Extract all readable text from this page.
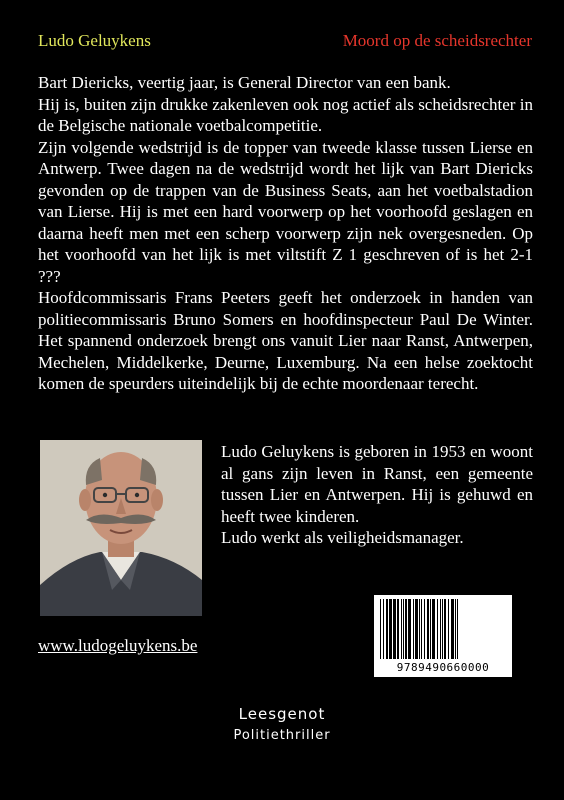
Ludo Geluykens	Moord op de scheidsrechter

Bart Diericks, veertig jaar, is General Director van een bank.

Hij is, buiten zijn drukke zakenleven ook nog actief als scheidsrechter in de Belgische nationale voetbalcompetitie.

Zijn volgende wedstrijd is de topper van tweede klasse tussen Lierse en Antwerp. Twee dagen na de wedstrijd wordt het lijk van Bart Diericks gevonden op de trappen van de Business Seats, aan het voetbalstadion van Lierse. Hij is met een hard voorwerp op het voorhoofd geslagen en daarna heeft men met een scherp voorwerp zijn nek overgesneden. Op het voorhoofd van het lijk is met viltstift Z 1 geschreven of is het 2-1 ???

Hoofdcommissaris Frans Peeters geeft het onderzoek in handen van politiecommissaris Bruno Somers en hoofdinspecteur Paul De Winter. Het spannend onderzoek brengt ons vanuit Lier naar Ranst, Antwerpen, Mechelen, Middelkerke, Deurne, Luxemburg. Na een helse zoektocht komen de speurders uiteindelijk bij de echte moordenaar terecht.

Ludo Geluykens is geboren in 1953 en woont al gans zijn leven in Ranst, een gemeente tussen Lier en Antwerpen. Hij is gehuwd en heeft twee kinderen.

Ludo werkt als veiligheidsmanager.

www.ludogeluykens.be
9789490660000
Leesgenot
Politiethriller
